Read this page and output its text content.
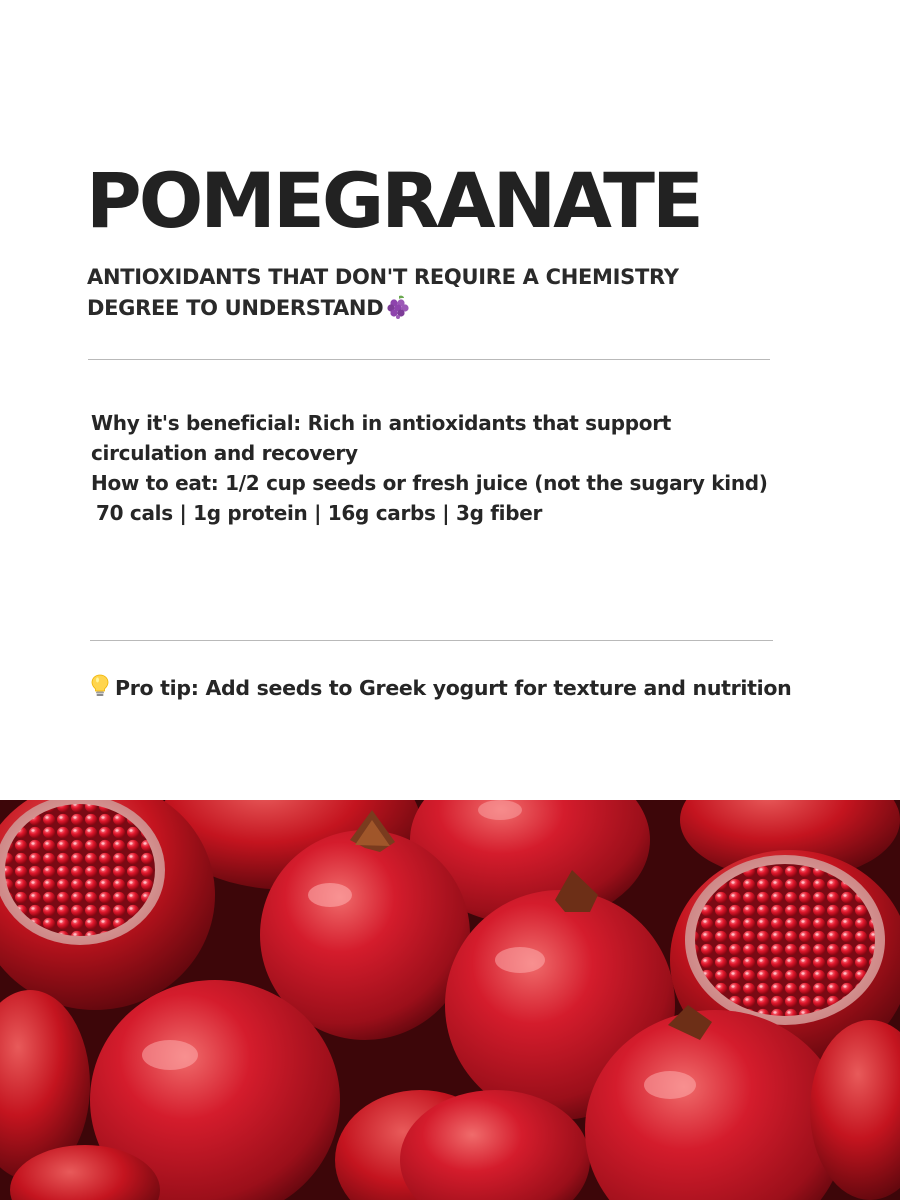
POMEGRANATE
ANTIOXIDANTS THAT DON'T REQUIRE A CHEMISTRY DEGREE TO UNDERSTAND

Why it's beneficial: Rich in antioxidants that support circulation and recovery

How to eat: 1/2 cup seeds or fresh juice (not the sugary kind)

70 cals | 1g protein | 16g carbs | 3g fiber

Pro tip: Add seeds to Greek yogurt for texture and nutrition
